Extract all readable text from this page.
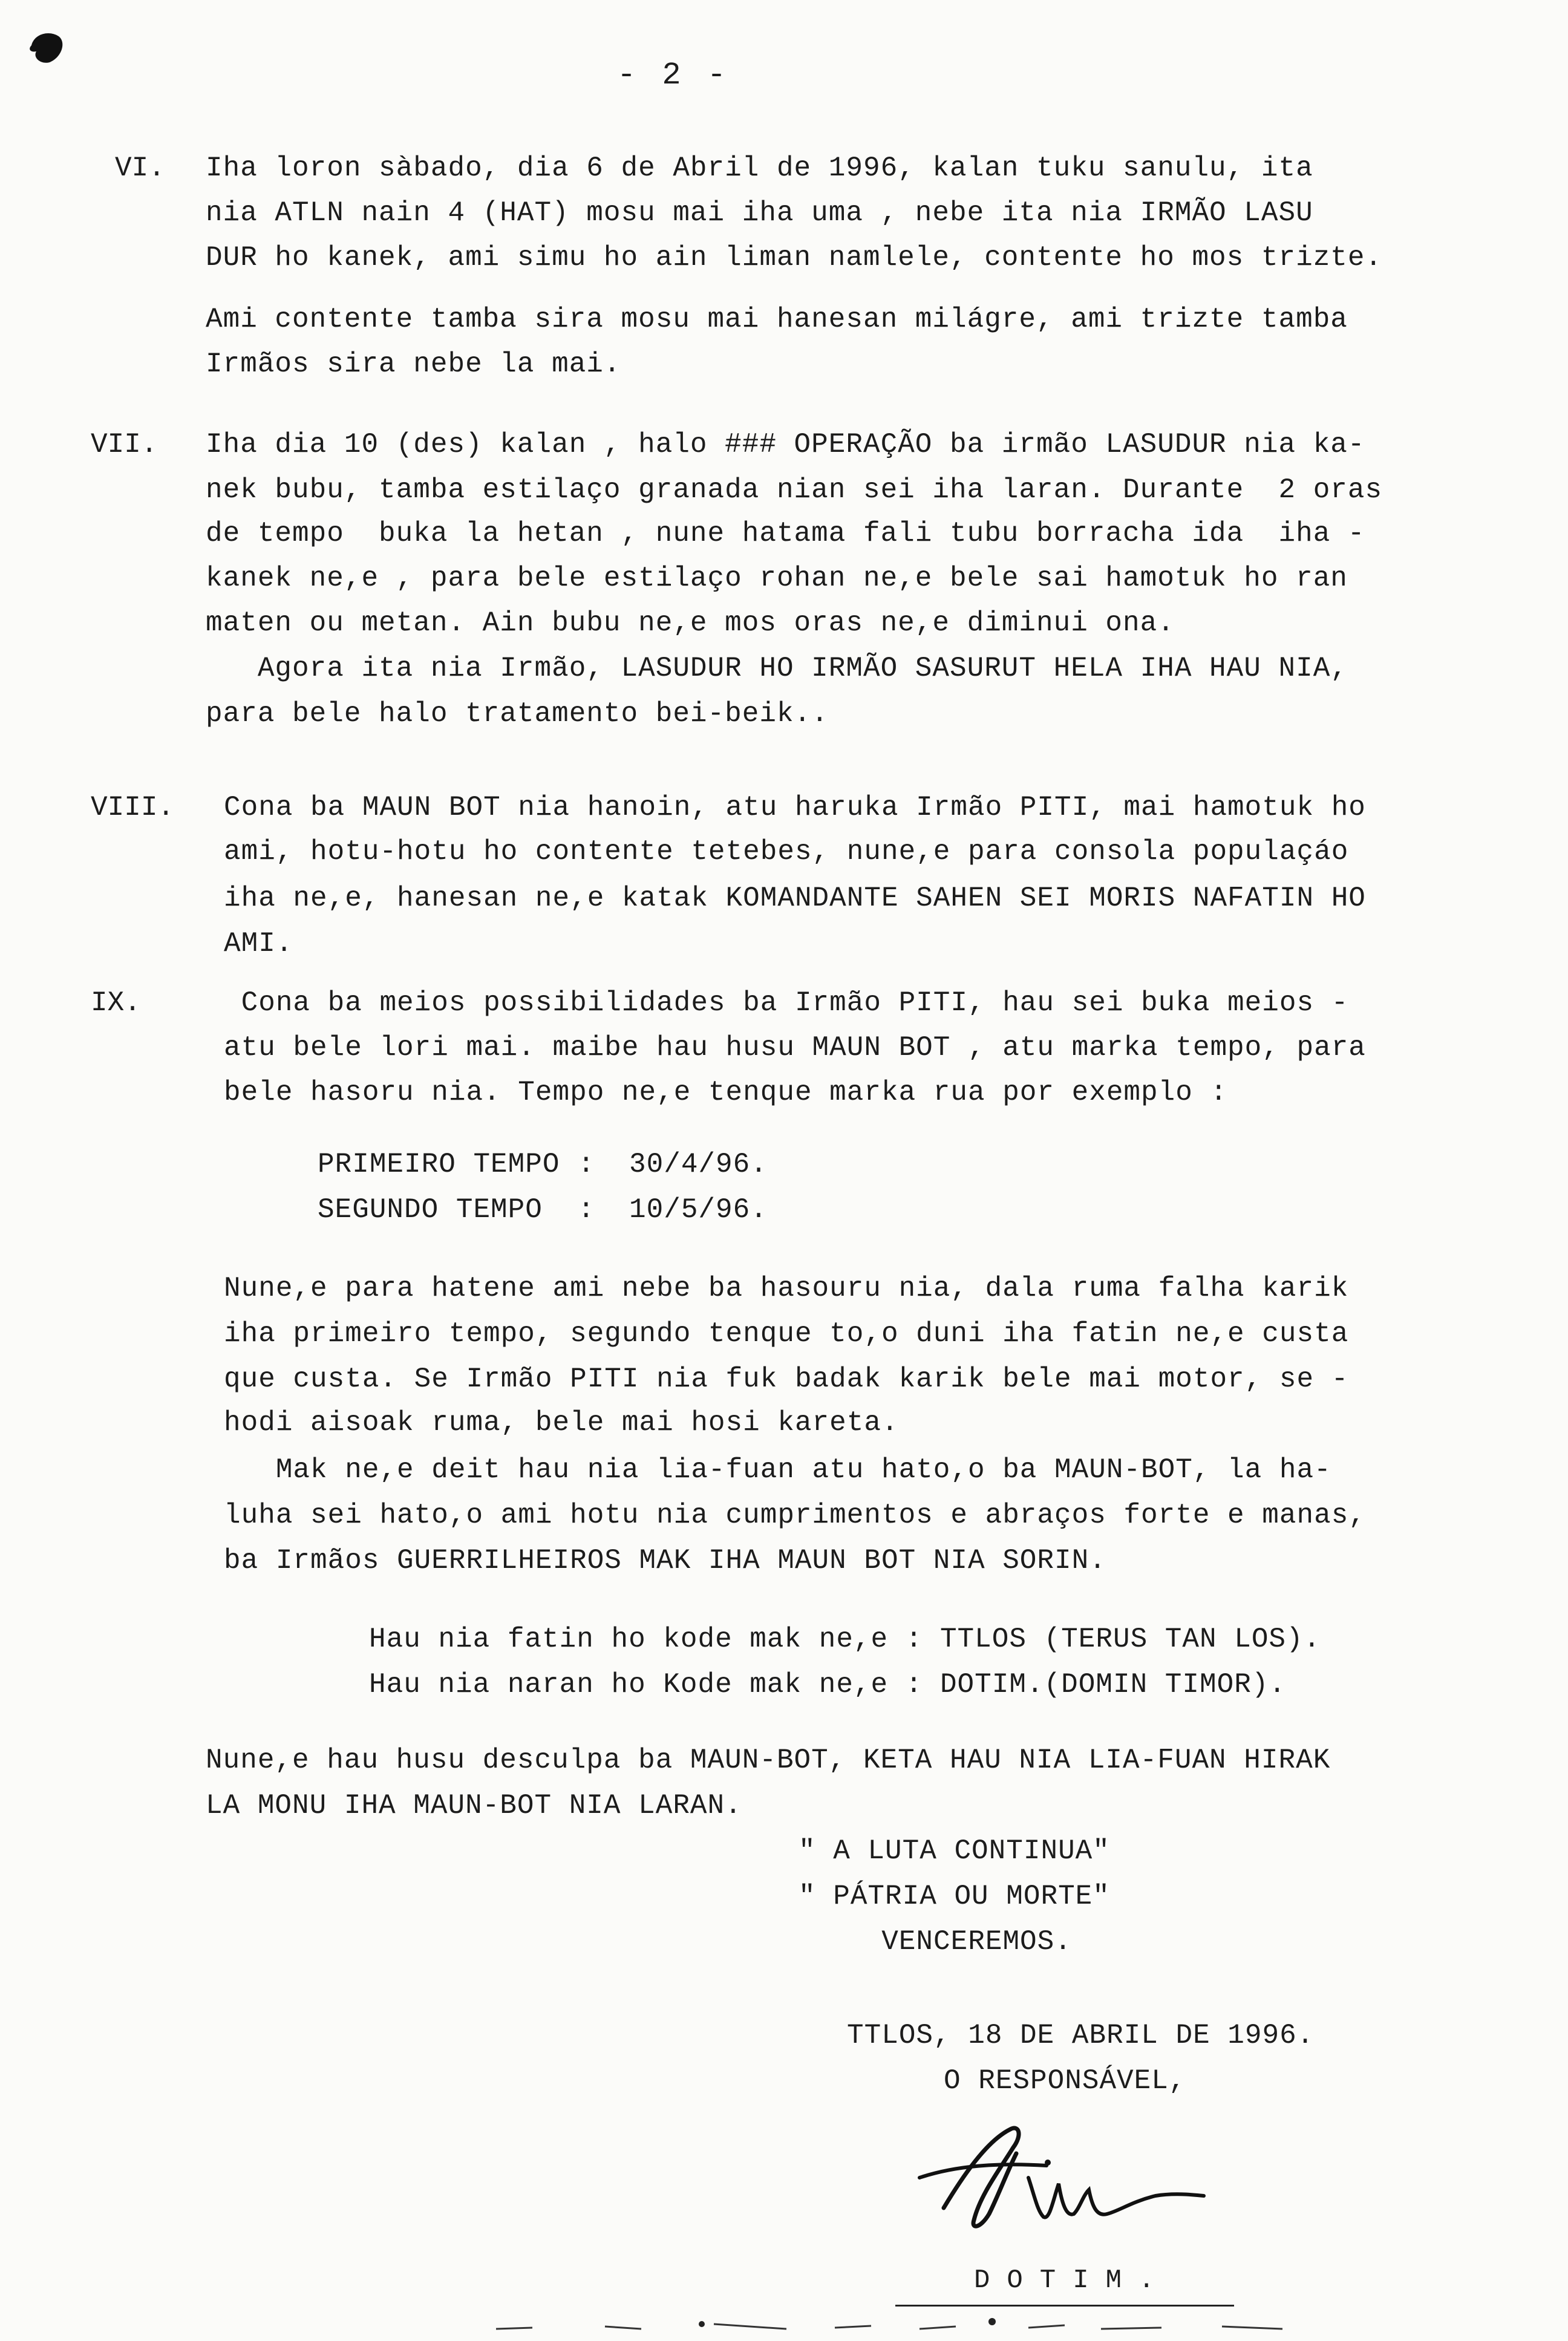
- 2 -
VI. Iha loron sàbado, dia 6 de Abril de 1996, kalan tuku sanulu, ita
nia ATLN nain 4 (HAT) mosu mai iha uma , nebe ita nia IRMÃO LASU
DUR ho kanek, ami simu ho ain liman namlele, contente ho mos trizte.
Ami contente tamba sira mosu mai hanesan milágre, ami trizte tamba
Irmãos sira nebe la mai.
VII. Iha dia 10 (des) kalan , halo ### OPERAÇÃO ba irmão LASUDUR nia ka-
nek bubu, tamba estilaço granada nian sei iha laran. Durante  2 oras
de tempo  buka la hetan , nune hatama fali tubu borracha ida  iha -
kanek ne,e , para bele estilaço rohan ne,e bele sai hamotuk ho ran
maten ou metan. Ain bubu ne,e mos oras ne,e diminui ona.
Agora ita nia Irmão, LASUDUR HO IRMÃO SASURUT HELA IHA HAU NIA,
para bele halo tratamento bei-beik..
VIII. Cona ba MAUN BOT nia hanoin, atu haruka Irmão PITI, mai hamotuk ho
ami, hotu-hotu ho contente tetebes, nune,e para consola populaçáo
iha ne,e, hanesan ne,e katak KOMANDANTE SAHEN SEI MORIS NAFATIN HO
AMI.
IX.	Cona ba meios possibilidades ba Irmão PITI, hau sei buka meios -
atu bele lori mai. maibe hau husu MAUN BOT , atu marka tempo, para
bele hasoru nia. Tempo ne,e tenque marka rua por exemplo :
PRIMEIRO TEMPO : 30/4/96.
SEGUNDO TEMPO : 10/5/96.
Nune,e para hatene ami nebe ba hasouru nia, dala ruma falha karik
iha primeiro tempo, segundo tenque to,o duni iha fatin ne,e custa
que custa. Se Irmão PITI nia fuk badak karik bele mai motor, se -
hodi aisoak ruma, bele mai hosi kareta.
Mak ne,e deit hau nia lia-fuan atu hato,o ba MAUN-BOT, la ha-
luha sei hato,o ami hotu nia cumprimentos e abraços forte e manas,
ba Irmãos GUERRILHEIROS MAK IHA MAUN BOT NIA SORIN.
Hau nia fatin ho kode mak ne,e : TTLOS (TERUS TAN LOS).
Hau nia naran ho Kode mak ne,e : DOTIM.(DOMIN TIMOR).
Nune,e hau husu desculpa ba MAUN-BOT, KETA HAU NIA LIA-FUAN HIRAK
LA MONU IHA MAUN-BOT NIA LARAN.
" A LUTA CONTINUA"
" PÁTRIA OU MORTE"
VENCEREMOS.
TTLOS, 18 DE ABRIL DE 1996.
O RESPONSÁVEL,
DOTIM.
